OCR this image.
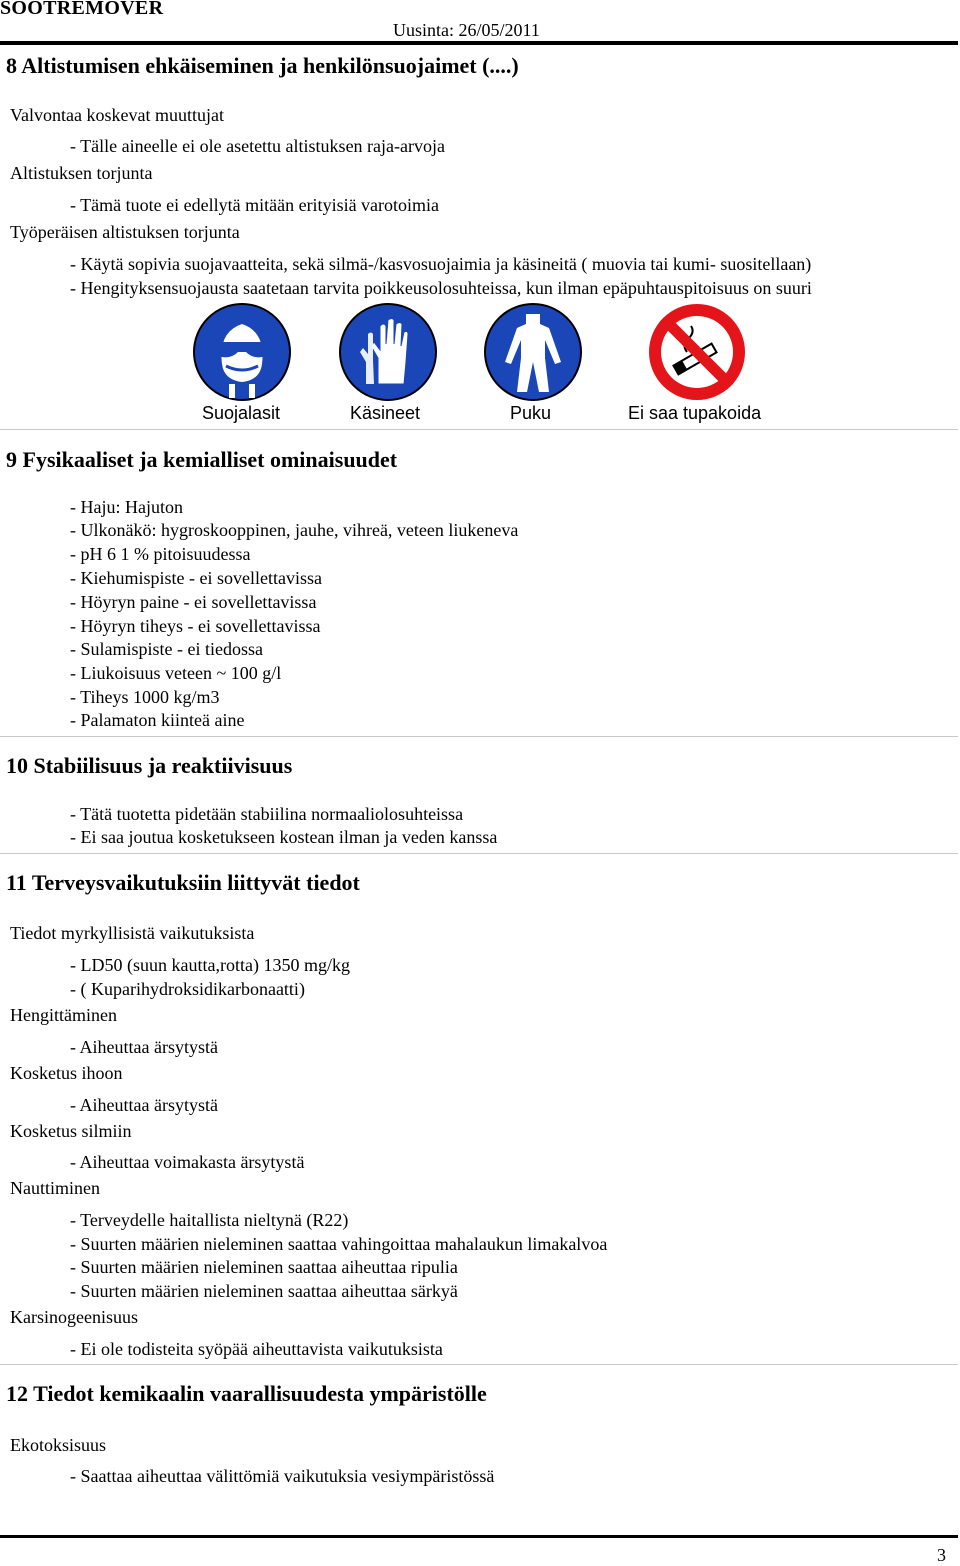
SOOTREMOVER
Uusinta: 26/05/2011
8 Altistumisen ehkäiseminen ja henkilönsuojaimet (....)
Valvontaa koskevat muuttujat
- Tälle aineelle ei ole asetettu altistuksen raja-arvoja
Altistuksen torjunta
- Tämä tuote ei edellytä mitään erityisiä varotoimia
Työperäisen altistuksen torjunta
- Käytä sopivia suojavaatteita, sekä silmä-/kasvosuojaimia ja käsineitä ( muovia tai kumi- suositellaan)
- Hengityksensuojausta saatetaan tarvita poikkeusolosuhteissa, kun ilman epäpuhtauspitoisuus on suuri
Suojalasit	Käsineet	Puku	Ei saa tupakoida
9 Fysikaaliset ja kemialliset ominaisuudet
- Haju: Hajuton
- Ulkonäkö: hygroskooppinen, jauhe, vihreä, veteen liukeneva
- pH 6 1 % pitoisuudessa
- Kiehumispiste - ei sovellettavissa
- Höyryn paine - ei sovellettavissa
- Höyryn tiheys - ei sovellettavissa
- Sulamispiste - ei tiedossa
- Liukoisuus veteen ~ 100 g/l
- Tiheys 1000 kg/m3
- Palamaton kiinteä aine
10 Stabiilisuus ja reaktiivisuus
- Tätä tuotetta pidetään stabiilina normaaliolosuhteissa
- Ei saa joutua kosketukseen kostean ilman ja veden kanssa
11 Terveysvaikutuksiin liittyvät tiedot
Tiedot myrkyllisistä vaikutuksista
- LD50 (suun kautta,rotta) 1350 mg/kg
- ( Kuparihydroksidikarbonaatti)
Hengittäminen
- Aiheuttaa ärsytystä
Kosketus ihoon
- Aiheuttaa ärsytystä
Kosketus silmiin
- Aiheuttaa voimakasta ärsytystä
Nauttiminen
- Terveydelle haitallista nieltynä (R22)
- Suurten määrien nieleminen saattaa vahingoittaa mahalaukun limakalvoa
- Suurten määrien nieleminen saattaa aiheuttaa ripulia
- Suurten määrien nieleminen saattaa aiheuttaa särkyä
Karsinogeenisuus
- Ei ole todisteita syöpää aiheuttavista vaikutuksista
12 Tiedot kemikaalin vaarallisuudesta ympäristölle
Ekotoksisuus
- Saattaa aiheuttaa välittömiä vaikutuksia vesiympäristössä
3
